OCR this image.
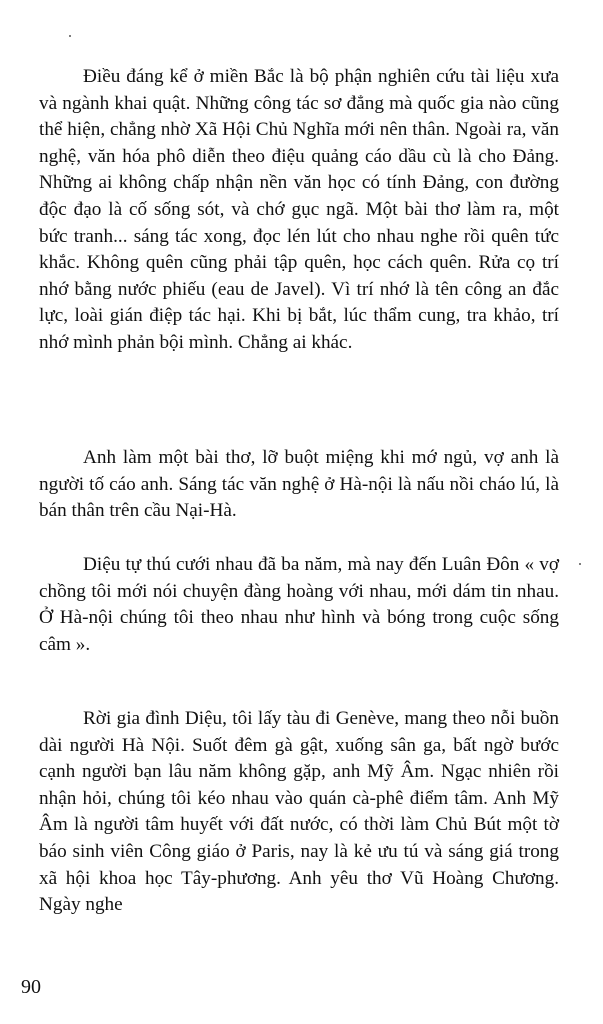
Điều đáng kể ở miền Bắc là bộ phận nghiên cứu tài liệu xưa và ngành khai quật. Những công tác sơ đẳng mà quốc gia nào cũng thể hiện, chẳng nhờ Xã Hội Chủ Nghĩa mới nên thân. Ngoài ra, văn nghệ, văn hóa phô diễn theo điệu quảng cáo dầu cù là cho Đảng. Những ai không chấp nhận nền văn học có tính Đảng, con đường độc đạo là cố sống sót, và chớ gục ngã. Một bài thơ làm ra, một bức tranh... sáng tác xong, đọc lén lút cho nhau nghe rồi quên tức khắc. Không quên cũng phải tập quên, học cách quên. Rửa cọ trí nhớ bằng nước phiếu (eau de Javel). Vì trí nhớ là tên công an đắc lực, loài gián điệp tác hại. Khi bị bắt, lúc thẩm cung, tra khảo, trí nhớ mình phản bội mình. Chẳng ai khác.

Anh làm một bài thơ, lỡ buột miệng khi mớ ngủ, vợ anh là người tố cáo anh. Sáng tác văn nghệ ở Hà-nội là nấu nồi cháo lú, là bán thân trên cầu Nại-Hà.

Diệu tự thú cưới nhau đã ba năm, mà nay đến Luân Đôn « vợ chồng tôi mới nói chuyện đàng hoàng với nhau, mới dám tin nhau. Ở Hà-nội chúng tôi theo nhau như hình và bóng trong cuộc sống câm ».

Rời gia đình Diệu, tôi lấy tàu đi Genève, mang theo nỗi buồn dài người Hà Nội. Suốt đêm gà gật, xuống sân ga, bất ngờ bước cạnh người bạn lâu năm không gặp, anh Mỹ Âm. Ngạc nhiên rồi nhận hỏi, chúng tôi kéo nhau vào quán cà-phê điểm tâm. Anh Mỹ Âm là người tâm huyết với đất nước, có thời làm Chủ Bút một tờ báo sinh viên Công giáo ở Paris, nay là kẻ ưu tú và sáng giá trong xã hội khoa học Tây-phương. Anh yêu thơ Vũ Hoàng Chương. Ngày nghe

90
